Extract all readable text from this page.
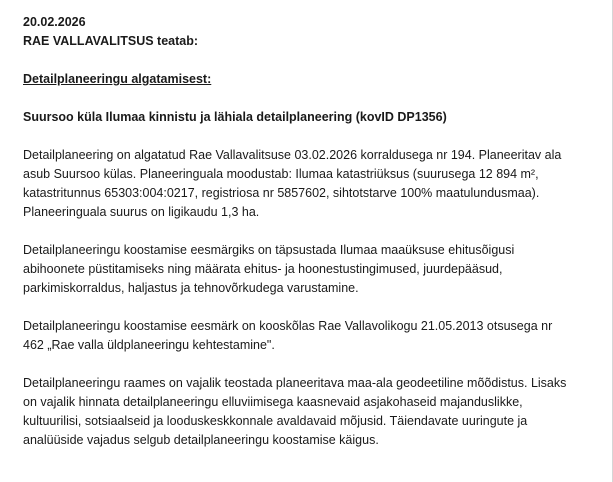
20.02.2026

RAE VALLAVALITSUS teatab:

Detailplaneeringu algatamisest:

Suursoo küla Ilumaa kinnistu ja lähiala detailplaneering (kovID DP1356)

Detailplaneering on algatatud Rae Vallavalitsuse 03.02.2026 korraldusega nr 194. Planeeritav ala
asub Suursoo külas. Planeeringuala moodustab: Ilumaa katastriüksus (suurusega 12 894 m²,
katastritunnus 65303:004:0217, registriosa nr 5857602, sihtotstarve 100% maatulundusmaa).
Planeeringuala suurus on ligikaudu 1,3 ha.

Detailplaneeringu koostamise eesmärgiks on täpsustada Ilumaa maaüksuse ehitusõigusi
abihoonete püstitamiseks ning määrata ehitus- ja hoonestustingimused, juurdepääsud,
parkimiskorraldus, haljastus ja tehnovõrkudega varustamine.

Detailplaneeringu koostamise eesmärk on kooskõlas Rae Vallavolikogu 21.05.2013 otsusega nr
462 „Rae valla üldplaneeringu kehtestamine".

Detailplaneeringu raames on vajalik teostada planeeritava maa-ala geodeetiline mõõdistus. Lisaks
on vajalik hinnata detailplaneeringu elluviimisega kaasnevaid asjakohaseid majanduslikke,
kultuurilisi, sotsiaalseid ja looduskeskkonnale avaldavaid mõjusid. Täiendavate uuringute ja
analüüside vajadus selgub detailplaneeringu koostamise käigus.
